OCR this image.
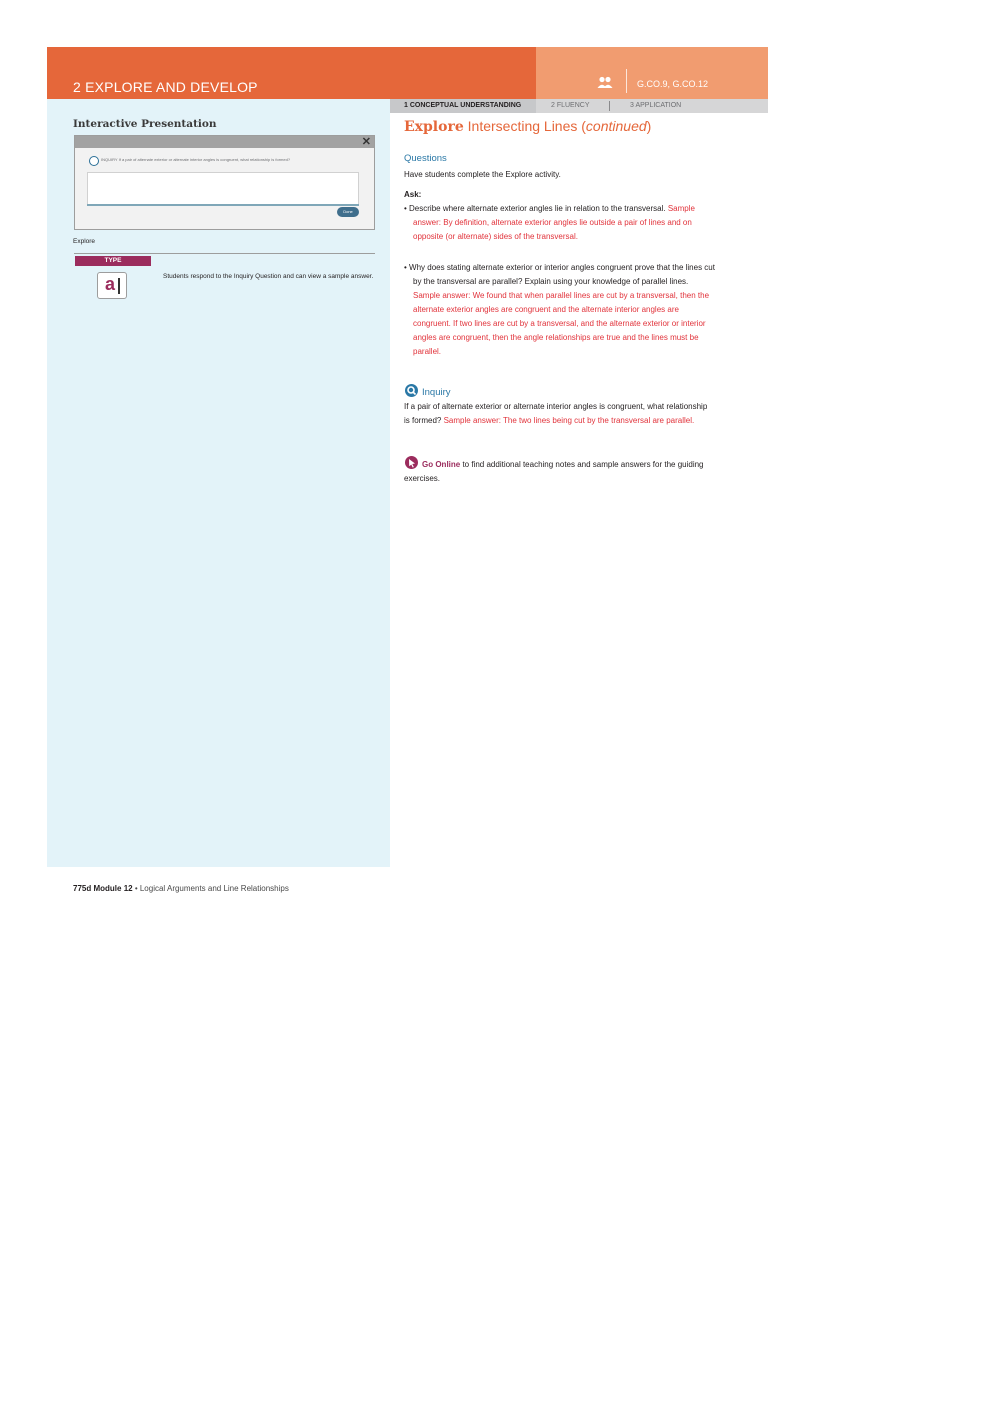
2 EXPLORE AND DEVELOP	G.CO.9, G.CO.12
Interactive Presentation
✕
INQUIRY If a pair of alternate exterior or alternate interior angles is congruent, what relationship is formed?
Done
Explore
TYPE
a	Students respond to the Inquiry Question and can view a sample answer.
1 CONCEPTUAL UNDERSTANDING	2 FLUENCY	3 APPLICATION
Explore Intersecting Lines (continued)
Questions
Have students complete the Explore activity.
Ask:
• Describe where alternate exterior angles lie in relation to the transversal. Sample answer: By definition, alternate exterior angles lie outside a pair of lines and on opposite (or alternate) sides of the transversal.
• Why does stating alternate exterior or interior angles congruent prove that the lines cut by the transversal are parallel? Explain using your knowledge of parallel lines. Sample answer: We found that when parallel lines are cut by a transversal, then the alternate exterior angles are congruent and the alternate interior angles are congruent. If two lines are cut by a transversal, and the alternate exterior or interior angles are congruent, then the angle relationships are true and the lines must be parallel.
Inquiry
If a pair of alternate exterior or alternate interior angles is congruent, what relationship is formed? Sample answer: The two lines being cut by the transversal are parallel.
Go Online to find additional teaching notes and sample answers for the guiding exercises.
775d Module 12 • Logical Arguments and Line Relationships
